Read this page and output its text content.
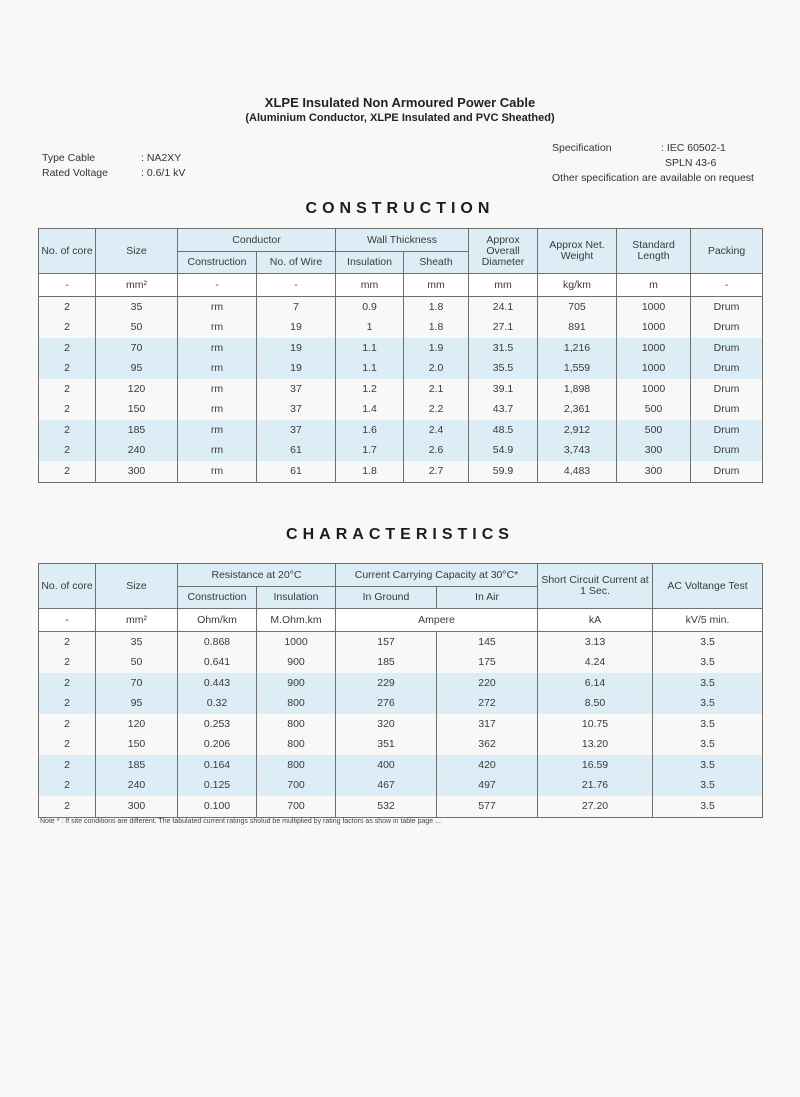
XLPE Insulated Non Armoured Power Cable
(Aluminium Conductor, XLPE Insulated and PVC Sheathed)
Type Cable	: NA2XY
Rated Voltage	: 0.6/1 kV
Specification	: IEC 60502-1
SPLN 43-6
Other specification are available on request
CONSTRUCTION
No. of core	Size	Conductor		Wall Thickness		Approx Overall Diameter	Approx Net. Weight	Standard Length	Packing
		Construction	No. of Wire	Insulation	Sheath				
-	mm²	-	-	mm	mm	mm	kg/km	m	-
2	35	rm	7	0.9	1.8	24.1	705	1000	Drum
2	50	rm	19	1	1.8	27.1	891	1000	Drum
2	70	rm	19	1.1	1.9	31.5	1,216	1000	Drum
2	95	rm	19	1.1	2.0	35.5	1,559	1000	Drum
2	120	rm	37	1.2	2.1	39.1	1,898	1000	Drum
2	150	rm	37	1.4	2.2	43.7	2,361	500	Drum
2	185	rm	37	1.6	2.4	48.5	2,912	500	Drum
2	240	rm	61	1.7	2.6	54.9	3,743	300	Drum
2	300	rm	61	1.8	2.7	59.9	4,483	300	Drum
CHARACTERISTICS
No. of core	Size	Resistance at 20°C		Current Carrying Capacity at 30°C*		Short Circuit Current at 1 Sec.	AC Voltange Test
		Construction	Insulation	In Ground	In Air		
-	mm²	Ohm/km	M.Ohm.km	Ampere		kA	kV/5 min.
2	35	0.868	1000	157	145	3.13	3.5
2	50	0.641	900	185	175	4.24	3.5
2	70	0.443	900	229	220	6.14	3.5
2	95	0.32	800	276	272	8.50	3.5
2	120	0.253	800	320	317	10.75	3.5
2	150	0.206	800	351	362	13.20	3.5
2	185	0.164	800	400	420	16.59	3.5
2	240	0.125	700	467	497	21.76	3.5
2	300	0.100	700	532	577	27.20	3.5
Note * : If site conditions are different. The tabulated current ratings sholud be multiplied by rating factors as show in table page ...
